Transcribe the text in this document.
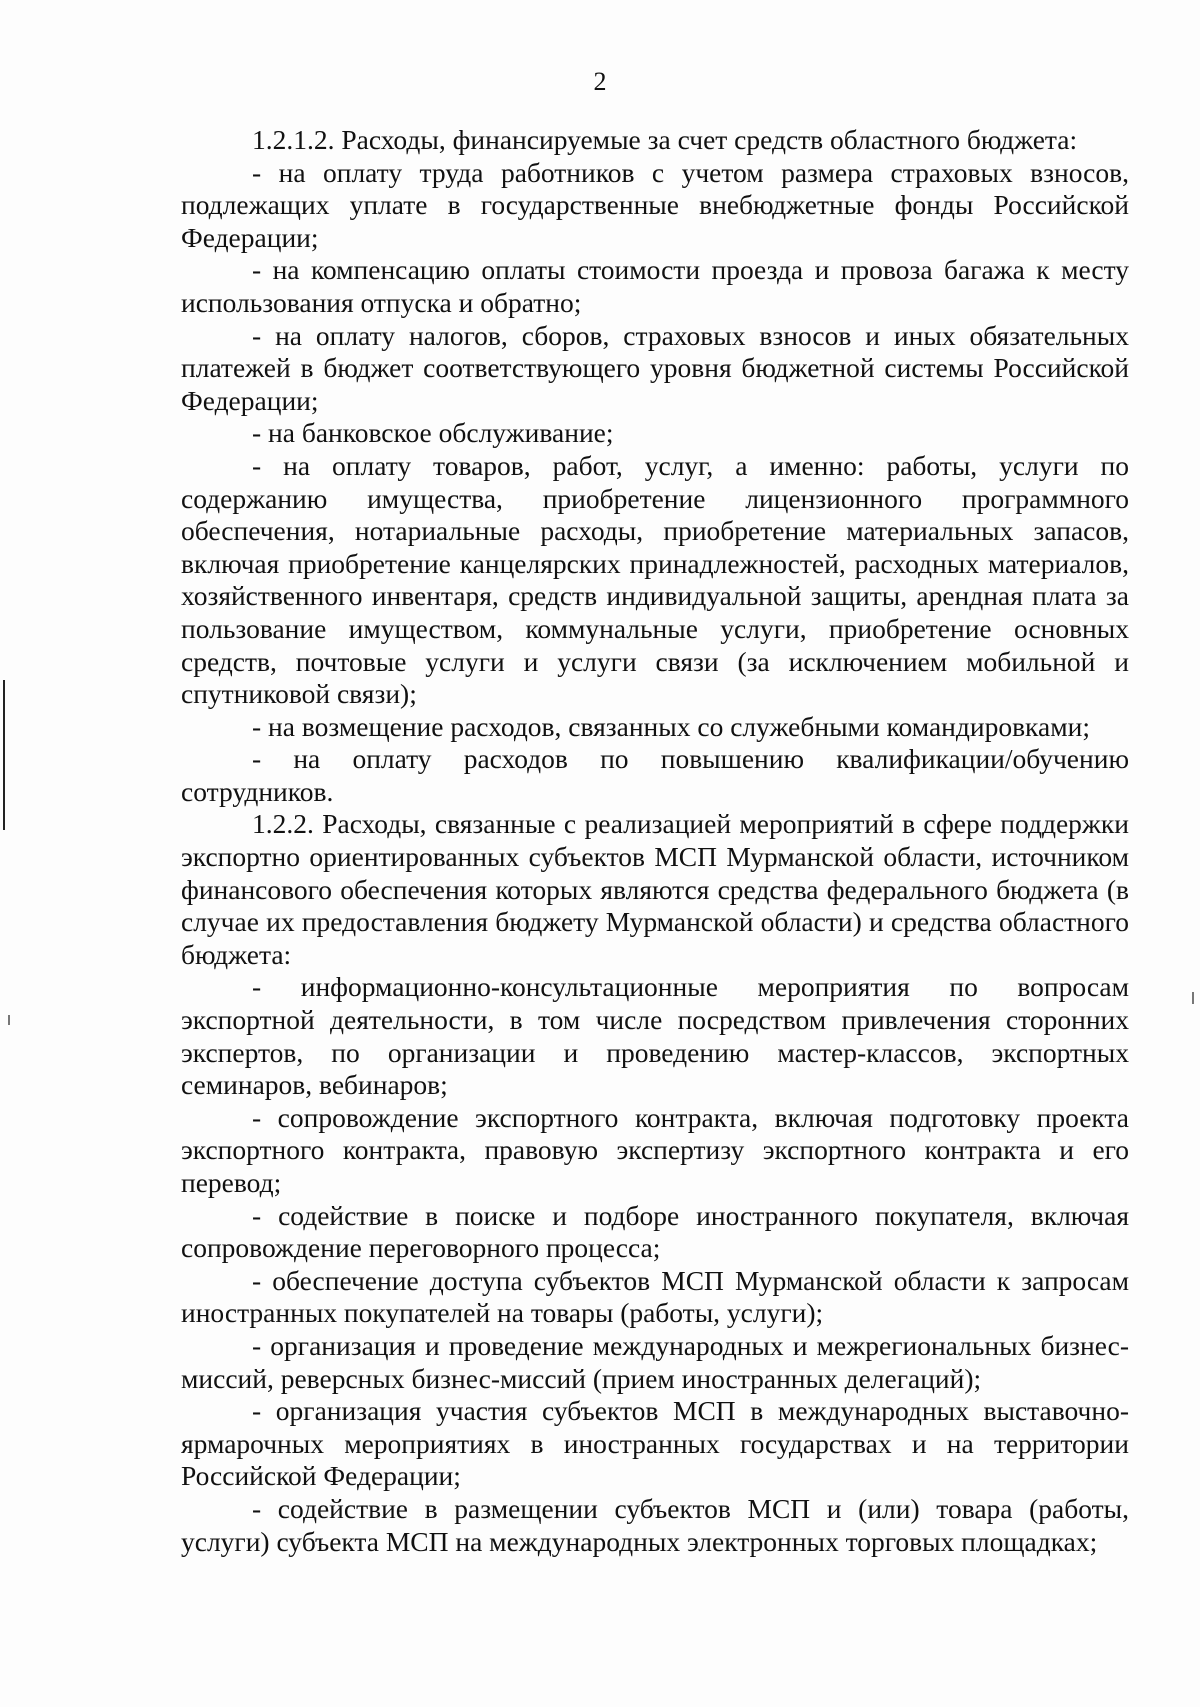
2

1.2.1.2. Расходы, финансируемые за счет средств областного бюджета:

- на оплату труда работников с учетом размера страховых взносов, подлежащих уплате в государственные внебюджетные фонды Российской Федерации;

- на компенсацию оплаты стоимости проезда и провоза багажа к месту использования отпуска и обратно;

- на оплату налогов, сборов, страховых взносов и иных обязательных платежей в бюджет соответствующего уровня бюджетной системы Российской Федерации;

- на банковское обслуживание;

- на оплату товаров, работ, услуг, а именно: работы, услуги по содержанию имущества, приобретение лицензионного программного обеспечения, нотариальные расходы, приобретение материальных запасов, включая приобретение канцелярских принадлежностей, расходных материалов, хозяйственного инвентаря, средств индивидуальной защиты, арендная плата за пользование имуществом, коммунальные услуги, приобретение основных средств, почтовые услуги и услуги связи (за исключением мобильной и спутниковой связи);

- на возмещение расходов, связанных со служебными командировками;

- на оплату расходов по повышению квалификации/обучению сотрудников.

1.2.2. Расходы, связанные с реализацией мероприятий в сфере поддержки экспортно ориентированных субъектов МСП Мурманской области, источником финансового обеспечения которых являются средства федерального бюджета (в случае их предоставления бюджету Мурманской области) и средства областного бюджета:

- информационно-консультационные мероприятия по вопросам экспортной деятельности, в том числе посредством привлечения сторонних экспертов, по организации и проведению мастер-классов, экспортных семинаров, вебинаров;

- сопровождение экспортного контракта, включая подготовку проекта экспортного контракта, правовую экспертизу экспортного контракта и его перевод;

- содействие в поиске и подборе иностранного покупателя, включая сопровождение переговорного процесса;

- обеспечение доступа субъектов МСП Мурманской области к запросам иностранных покупателей на товары (работы, услуги);

- организация и проведение международных и межрегиональных бизнес-миссий, реверсных бизнес-миссий (прием иностранных делегаций);

- организация участия субъектов МСП в международных выставочно-ярмарочных мероприятиях в иностранных государствах и на территории Российской Федерации;

- содействие в размещении субъектов МСП и (или) товара (работы, услуги) субъекта МСП на международных электронных торговых площадках;
